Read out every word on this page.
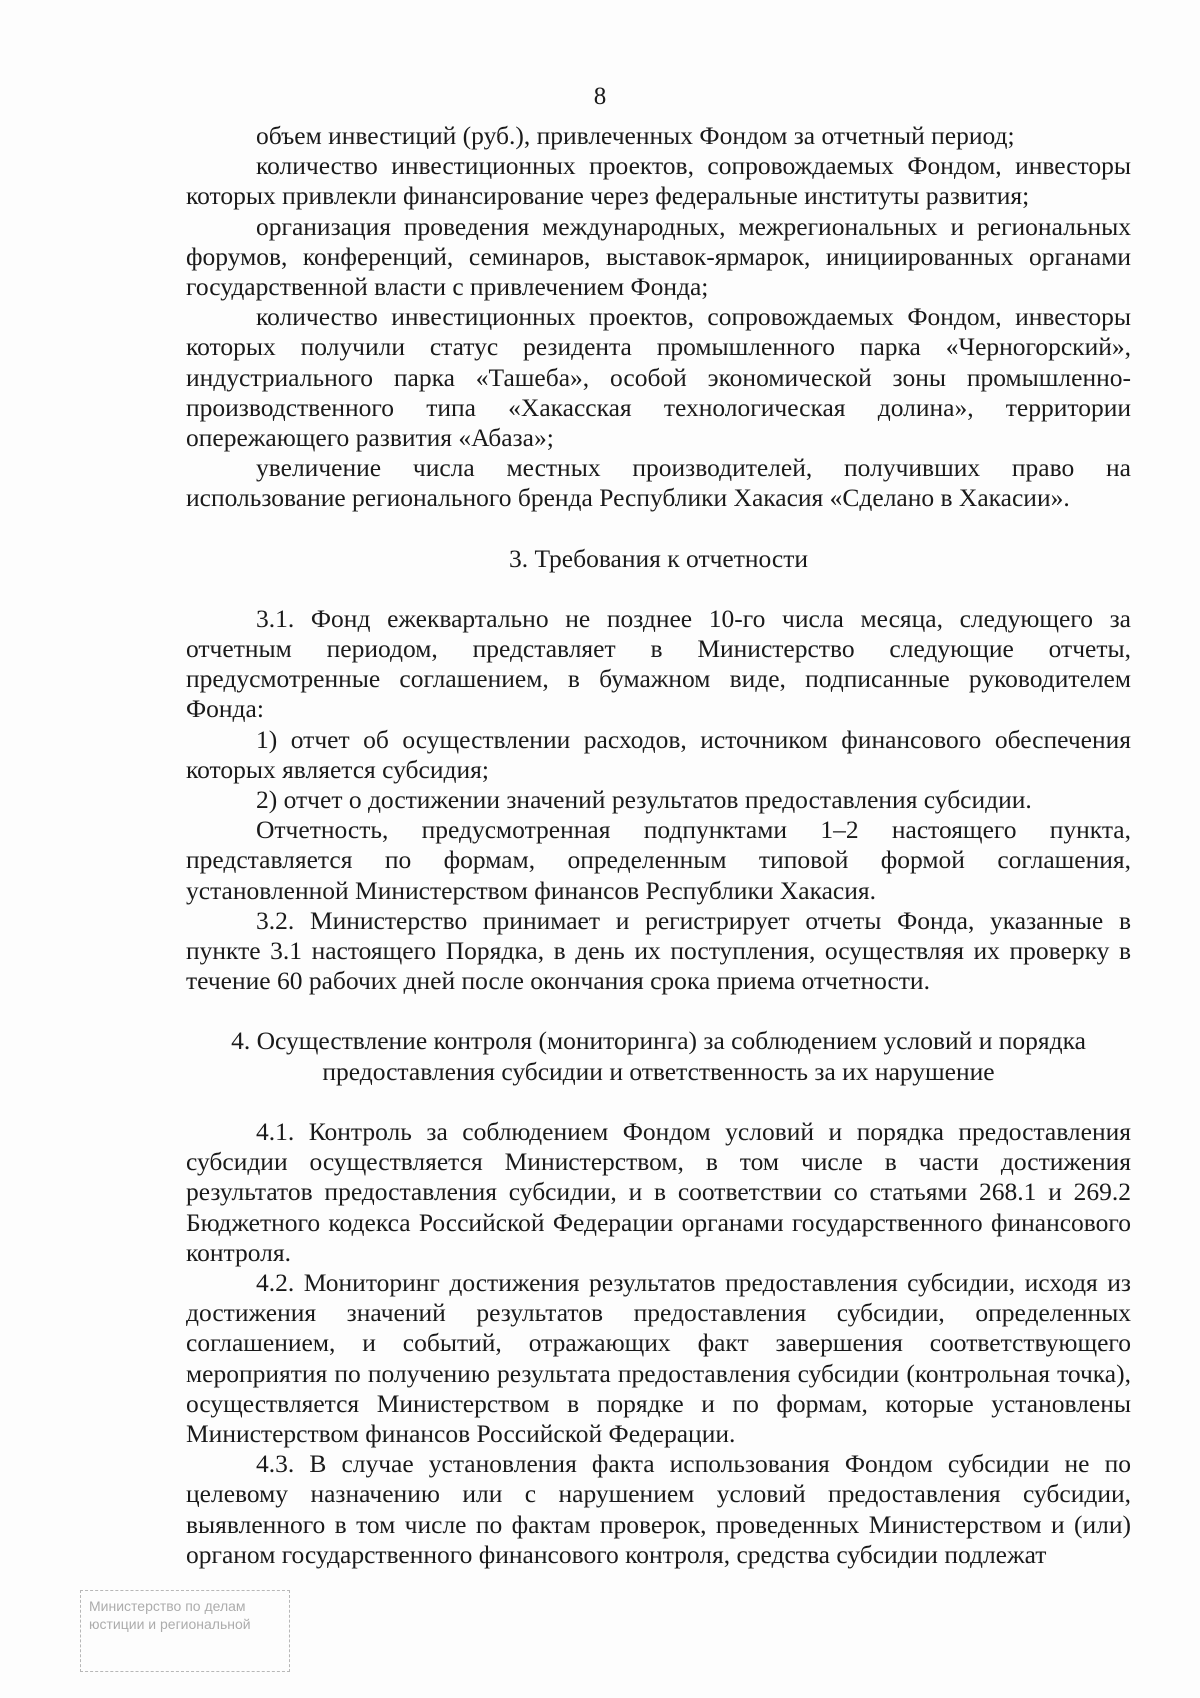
8

объем инвестиций (руб.), привлеченных Фондом за отчетный период;

количество инвестиционных проектов, сопровождаемых Фондом, инвесторы которых привлекли финансирование через федеральные институты развития;

организация проведения международных, межрегиональных и региональных форумов, конференций, семинаров, выставок-ярмарок, инициированных органами государственной власти с привлечением Фонда;

количество инвестиционных проектов, сопровождаемых Фондом, инвесторы которых получили статус резидента промышленного парка «Черногорский», индустриального парка «Ташеба», особой экономической зоны промышленно-производственного типа «Хакасская технологическая долина», территории опережающего развития «Абаза»;

увеличение числа местных производителей, получивших право на использование регионального бренда Республики Хакасия «Сделано в Хакасии».

3. Требования к отчетности

3.1. Фонд ежеквартально не позднее 10-го числа месяца, следующего за отчетным периодом, представляет в Министерство следующие отчеты, предусмотренные соглашением, в бумажном виде, подписанные руководителем Фонда:

1) отчет об осуществлении расходов, источником финансового обеспечения которых является субсидия;

2) отчет о достижении значений результатов предоставления субсидии.

Отчетность, предусмотренная подпунктами 1–2 настоящего пункта, представляется по формам, определенным типовой формой соглашения, установленной Министерством финансов Республики Хакасия.

3.2. Министерство принимает и регистрирует отчеты Фонда, указанные в пункте 3.1 настоящего Порядка, в день их поступления, осуществляя их проверку в течение 60 рабочих дней после окончания срока приема отчетности.

4. Осуществление контроля (мониторинга) за соблюдением условий и порядка
предоставления субсидии и ответственность за их нарушение

4.1. Контроль за соблюдением Фондом условий и порядка предоставления субсидии осуществляется Министерством, в том числе в части достижения результатов предоставления субсидии, и в соответствии со статьями 268.1 и 269.2 Бюджетного кодекса Российской Федерации органами государственного финансового контроля.

4.2. Мониторинг достижения результатов предоставления субсидии, исходя из достижения значений результатов предоставления субсидии, определенных соглашением, и событий, отражающих факт завершения соответствующего мероприятия по получению результата предоставления субсидии (контрольная точка), осуществляется Министерством в порядке и по формам, которые установлены Министерством финансов Российской Федерации.

4.3. В случае установления факта использования Фондом субсидии не по целевому назначению или с нарушением условий предоставления субсидии, выявленного в том числе по фактам проверок, проведенных Министерством и (или) органом государственного финансового контроля, средства субсидии подлежат

Министерство по делам
юстиции и региональной
